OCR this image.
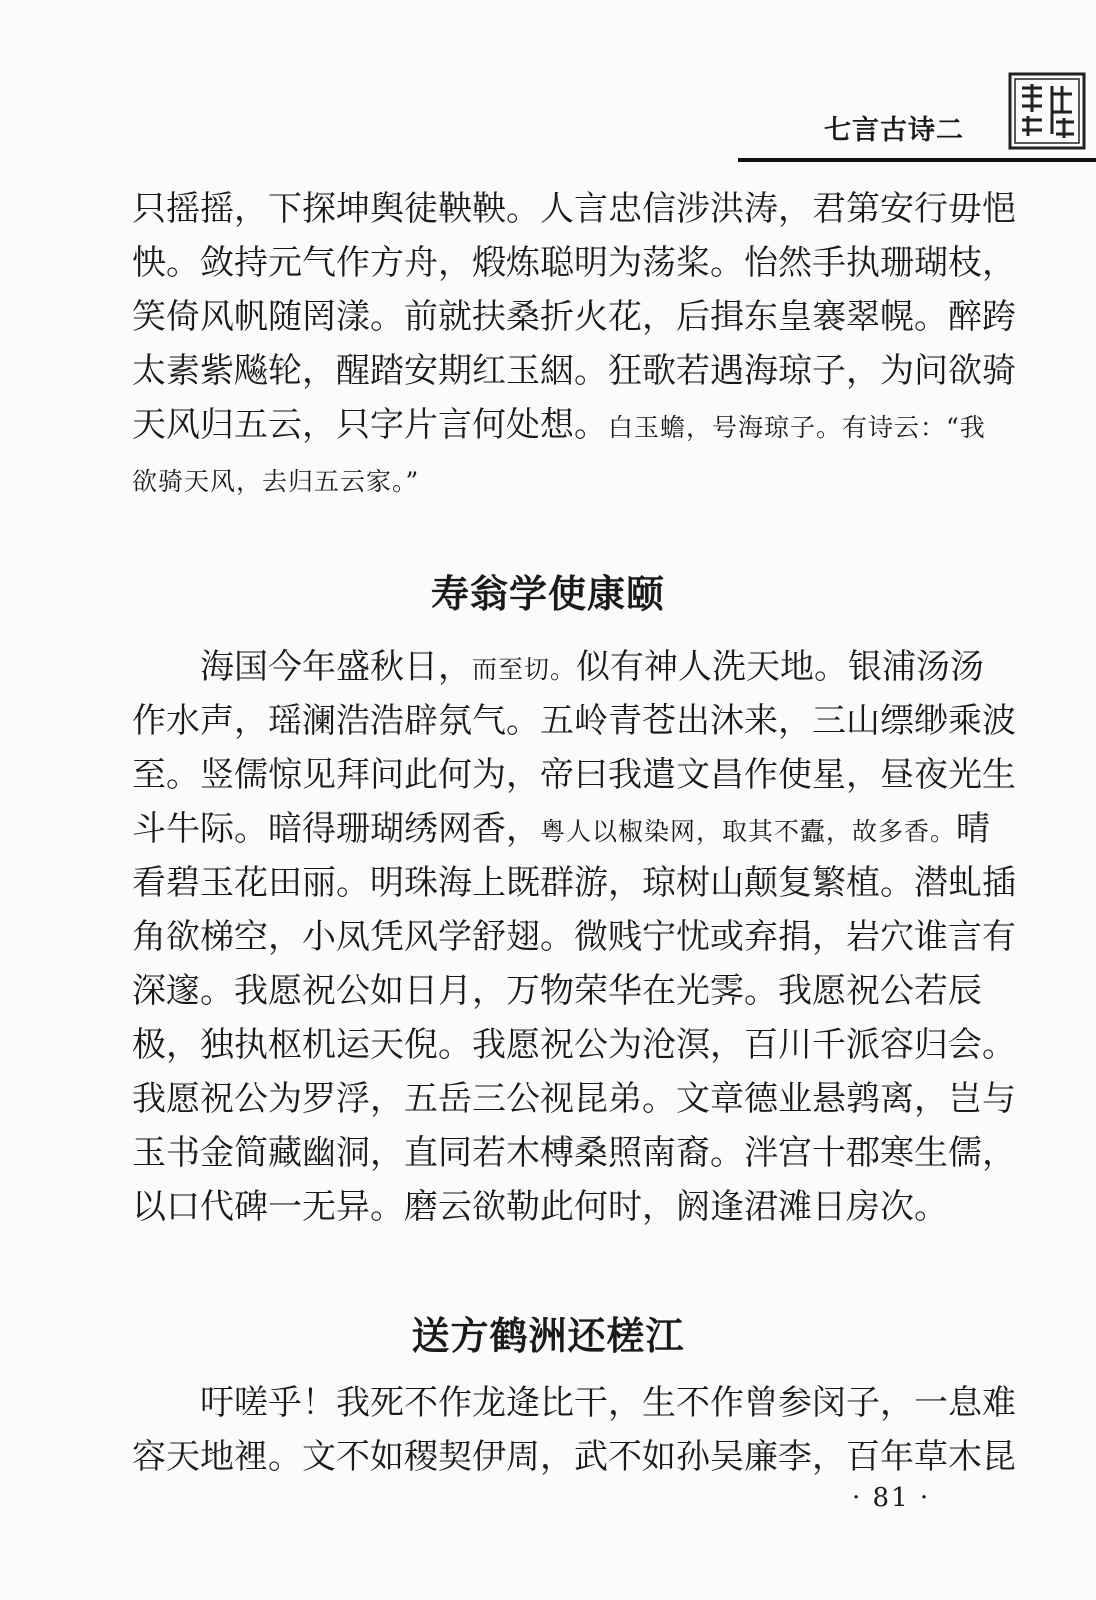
七言古诗二
只摇摇，下探坤舆徒鞅鞅。人言忠信涉洪涛，君第安行毋悒
怏。敛持元气作方舟，煅炼聪明为荡桨。怡然手执珊瑚枝，
笑倚风帆随罔漾。前就扶桑折火花，后揖东皇褰翠幌。醉跨
太素紫飚轮，醒踏安期红玉絪。狂歌若遇海琼子，为问欲骑
天风归五云，只字片言何处想。白玉蟾，号海琼子。有诗云：“我
欲骑天风，去归五云家。”
寿翁学使康颐
海国今年盛秋日，而至切。似有神人洗天地。银浦汤汤
作水声，瑶澜浩浩辟氛气。五岭青苍出沐来，三山缥缈乘波
至。竖儒惊见拜问此何为，帝曰我遣文昌作使星，昼夜光生
斗牛际。暗得珊瑚绣网香，粤人以椒染网，取其不蠹，故多香。晴
看碧玉花田丽。明珠海上既群游，琼树山颠复繁植。潜虬插
角欲梯空，小凤凭风学舒翅。微贱宁忧或弃捐，岩穴谁言有
深邃。我愿祝公如日月，万物荣华在光霁。我愿祝公若辰
极，独执枢机运天倪。我愿祝公为沧溟，百川千派容归会。
我愿祝公为罗浮，五岳三公视昆弟。文章德业悬鹑离，岂与
玉书金简藏幽洞，直同若木榑桑照南裔。泮宫十郡寒生儒，
以口代碑一无异。磨云欲勒此何时，阏逢涒滩日房次。
送方鹤洲还槎江
吁嗟乎！我死不作龙逄比干，生不作曾参闵子，一息难
容天地裡。文不如稷契伊周，武不如孙吴廉李，百年草木昆
· 81 ·
